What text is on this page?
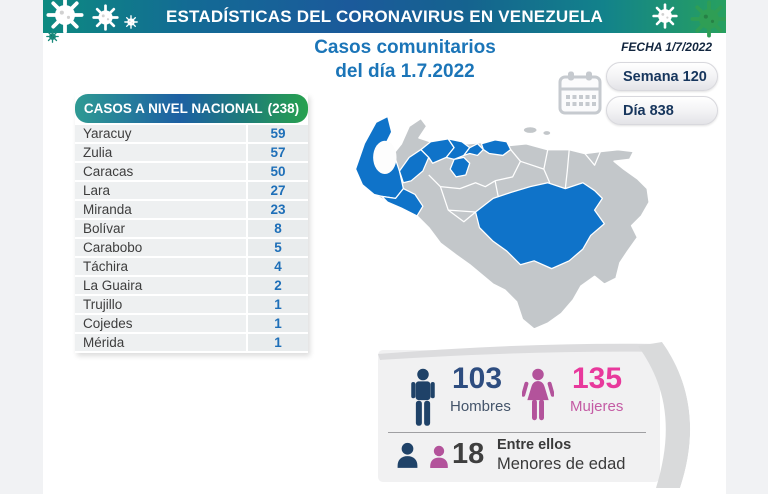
ESTADÍSTICAS DEL CORONAVIRUS EN VENEZUELA
Casos comunitarios
del día 1.7.2022
FECHA 1/7/2022
Semana 120
Día 838
CASOS A NIVEL NACIONAL (238)
Yaracuy	59
Zulia	57
Caracas	50
Lara	27
Miranda	23
Bolívar	8
Carabobo	5
Táchira	4
La Guaira	2
Trujillo	1
Cojedes	1
Mérida	1
103
Hombres
135
Mujeres
18 Entre ellos
Menores de edad
